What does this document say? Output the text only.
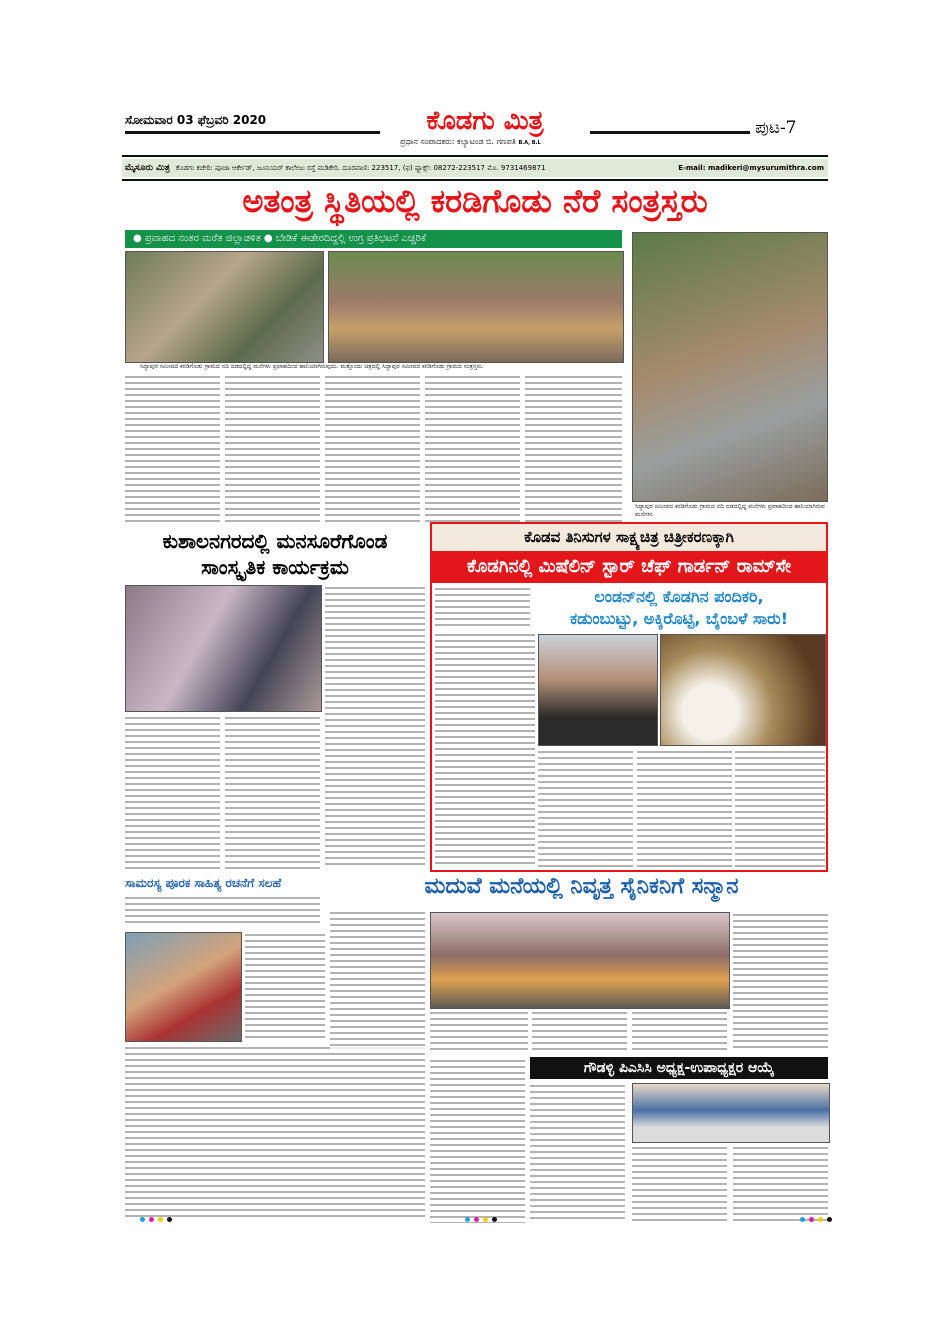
ಸೋಮವಾರ 03 ಫೆಬ್ರವರಿ 2020	ಕೊಡಗು ಮಿತ್ರ	ಪುಟ-7
ಪ್ರಧಾನ ಸಂಪಾದಕರು: ಕಲ್ಯಾಟಂಡ ಬಿ. ಗಣಪತಿ B.A, B.L
ಮೈಸೂರು ಮಿತ್ರ ಕೊಡಗು ಕಚೇರಿ: ಪೂಜಾ ಆರ್ಕೇಡ್, ಜೂನಿಯರ್ ಕಾಲೇಜು ರಸ್ತೆ ಮಡಿಕೇರಿ. ದೂರವಾಣಿ: 223517, (ಫ) ಫ್ಯಾಕ್ಸ್: 08272-223517 ಮೊ. 9731469871	E-mail: madikeri@mysurumithra.com
ಅತಂತ್ರ ಸ್ಥಿತಿಯಲ್ಲಿ ಕರಡಿಗೊಡು ನೆರೆ ಸಂತ್ರಸ್ತರು
● ಪ್ರವಾಹದ ನಂತರ ಮರೆತ ಜಿಲ್ಲಾಡಳಿತ ● ಬೇಡಿಕೆ ಈಡೇರದಿದ್ದಲ್ಲಿ ಉಗ್ರ ಪ್ರತಿಭಟನೆ ಎಚ್ಚರಿಕೆ
ಸಿದ್ದಾಪುರ ಸಮೀಪದ ಕರಡಿಗೊಡು ಗ್ರಾಮದ ನದಿ ದಡದಲ್ಲಿದ್ದ ಮನೆಗಳು ಪ್ರವಾಹದಿಂದ ಹಾನಿಯಾಗಿರುವುದು. ಮತ್ತೊಂದು ಚಿತ್ರದಲ್ಲಿ ಸಿದ್ದಾಪುರ ಸಮೀಪದ ಕರಡಿಗೊಡು ಗ್ರಾಮದ ಸಂತ್ರಸ್ತರು.
ಸಿದ್ದಾಪುರ ಸಮೀಪದ ಕರಡಿಗೊಡು ಗ್ರಾಮದ ನದಿ ದಡದಲ್ಲಿದ್ದ ಮನೆಗಳು ಪ್ರವಾಹದಿಂದ ಹಾನಿಯಾಗಿರುವ ಮನೆಗಳು
ಕುಶಾಲನಗರದಲ್ಲಿ ಮನಸೂರೆಗೊಂಡ
ಸಾಂಸ್ಕೃತಿಕ ಕಾರ್ಯಕ್ರಮ
ಕೊಡವ ತಿನಿಸುಗಳ ಸಾಕ್ಷ್ಯಚಿತ್ರ ಚಿತ್ರೀಕರಣಕ್ಕಾಗಿ
ಕೊಡಗಿನಲ್ಲಿ ಮಿಷೆಲಿನ್ ಸ್ಟಾರ್ ಚೆಫ್ ಗಾರ್ಡನ್ ರಾಮ್‌ಸೇ
ಲಂಡನ್‌ನಲ್ಲಿ ಕೊಡಗಿನ ಪಂದಿಕರಿ,
ಕಡುಂಬುಟ್ಟು, ಅಕ್ಕಿರೊಟ್ಟಿ, ಬೈಂಬಳೆ ಸಾರು!
ಸಾಮರಸ್ಯ ಪೂರಕ ಸಾಹಿತ್ಯ ರಚನೆಗೆ ಸಲಹೆ	ಮದುವೆ ಮನೆಯಲ್ಲಿ ನಿವೃತ್ತ ಸೈನಿಕನಿಗೆ ಸನ್ಮಾನ
ಗೌಡಳ್ಳಿ ಪಿಎಸಿಸಿ ಅಧ್ಯಕ್ಷ-ಉಪಾಧ್ಯಕ್ಷರ ಆಯ್ಕೆ
